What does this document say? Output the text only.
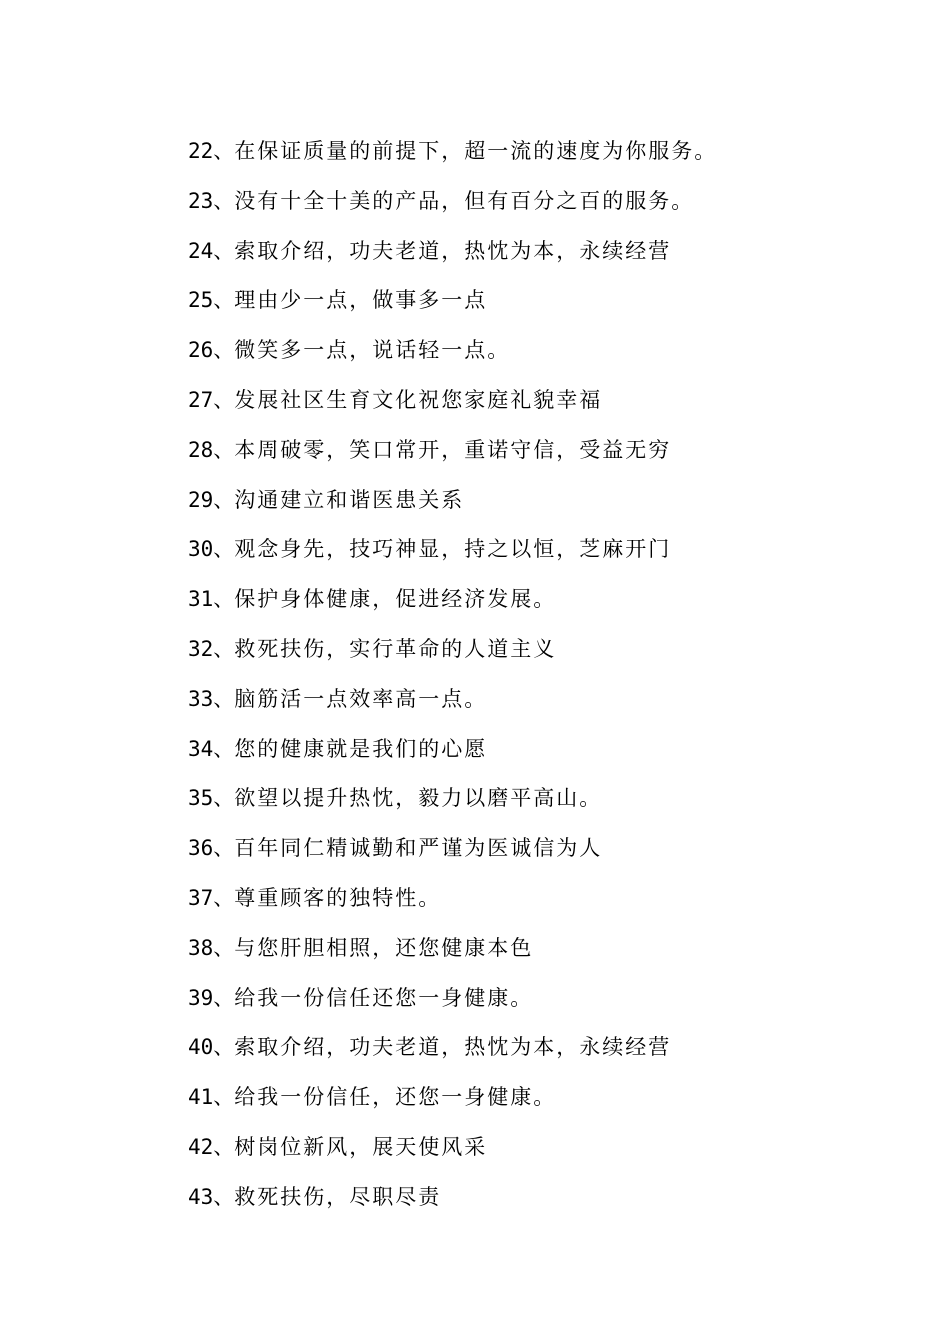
22、在保证质量的前提下，超一流的速度为你服务。
23、没有十全十美的产品，但有百分之百的服务。
24、索取介绍，功夫老道，热忱为本，永续经营
25、理由少一点，做事多一点
26、微笑多一点，说话轻一点。
27、发展社区生育文化祝您家庭礼貌幸福
28、本周破零，笑口常开，重诺守信，受益无穷
29、沟通建立和谐医患关系
30、观念身先，技巧神显，持之以恒，芝麻开门
31、保护身体健康，促进经济发展。
32、救死扶伤，实行革命的人道主义
33、脑筋活一点效率高一点。
34、您的健康就是我们的心愿
35、欲望以提升热忱，毅力以磨平高山。
36、百年同仁精诚勤和严谨为医诚信为人
37、尊重顾客的独特性。
38、与您肝胆相照，还您健康本色
39、给我一份信任还您一身健康。
40、索取介绍，功夫老道，热忱为本，永续经营
41、给我一份信任，还您一身健康。
42、树岗位新风，展天使风采
43、救死扶伤，尽职尽责
